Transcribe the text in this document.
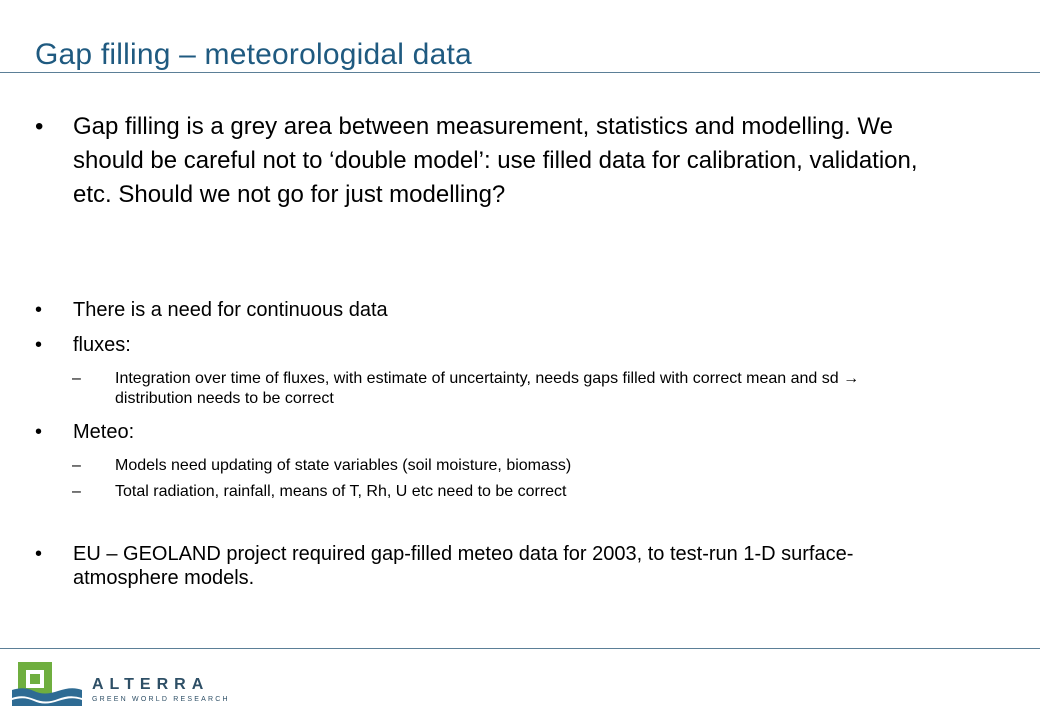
Gap filling – meteorologidal data
•	Gap filling is a grey area between measurement, statistics and modelling. We should be careful not to ‘double model’: use filled data for calibration, validation, etc. Should we not go for just modelling?
•	There is a need for continuous data
•	fluxes:
–	Integration over time of fluxes, with estimate of uncertainty, needs gaps filled with correct mean and sd → distribution needs to be correct
•	Meteo:
–	Models need updating of state variables (soil moisture, biomass)
–	Total radiation, rainfall, means of T, Rh, U etc need to be correct
•	EU – GEOLAND project required gap-filled meteo data for 2003, to test-run 1-D surface-atmosphere models.
ALTERRA
GREEN WORLD RESEARCH
